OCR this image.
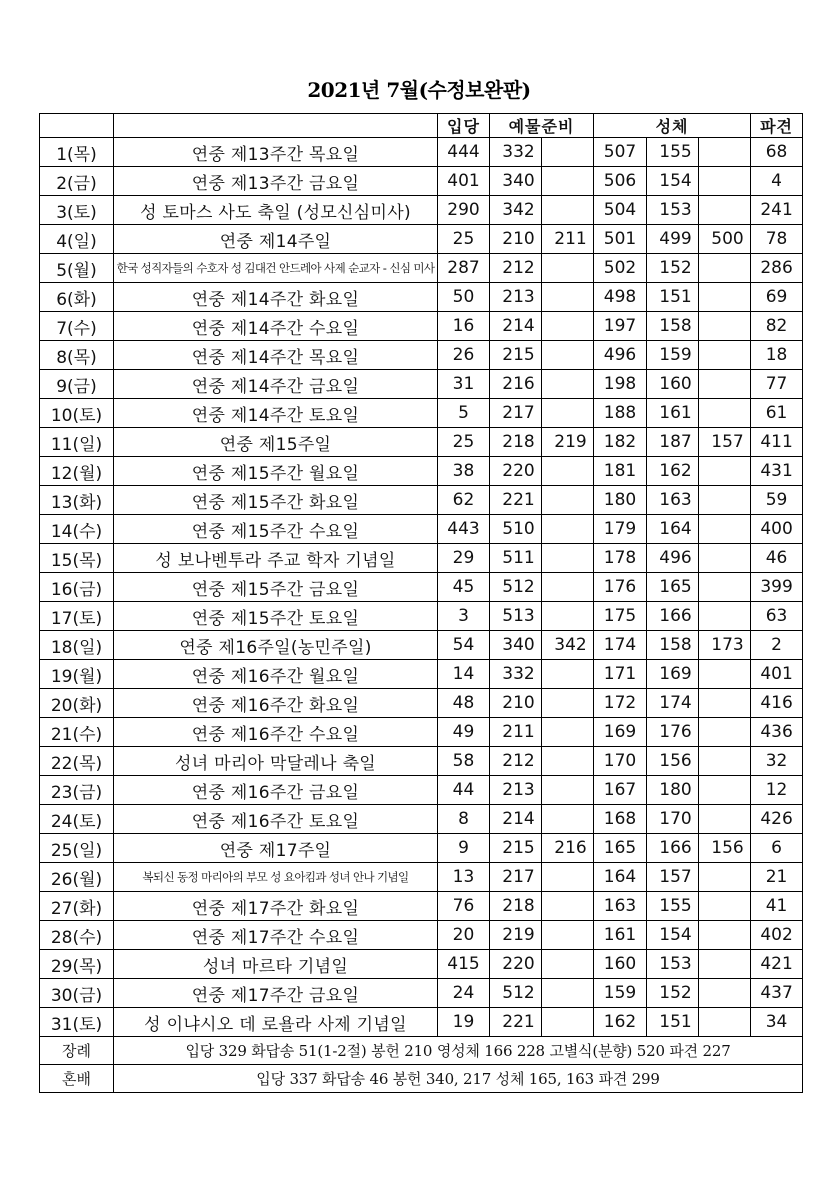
2021년 7월(수정보완판)
		입당	예물준비		성체			파견
1(목)	연중 제13주간 목요일	444	332		507	155		68
2(금)	연중 제13주간 금요일	401	340		506	154		4
3(토)	성 토마스 사도 축일 (성모신심미사)	290	342		504	153		241
4(일)	연중 제14주일	25	210	211	501	499	500	78
5(월)	한국 성직자들의 수호자 성 김대건 안드레아 사제 순교자 - 신심 미사	287	212		502	152		286
6(화)	연중 제14주간 화요일	50	213		498	151		69
7(수)	연중 제14주간 수요일	16	214		197	158		82
8(목)	연중 제14주간 목요일	26	215		496	159		18
9(금)	연중 제14주간 금요일	31	216		198	160		77
10(토)	연중 제14주간 토요일	5	217		188	161		61
11(일)	연중 제15주일	25	218	219	182	187	157	411
12(월)	연중 제15주간 월요일	38	220		181	162		431
13(화)	연중 제15주간 화요일	62	221		180	163		59
14(수)	연중 제15주간 수요일	443	510		179	164		400
15(목)	성 보나벤투라 주교 학자 기념일	29	511		178	496		46
16(금)	연중 제15주간 금요일	45	512		176	165		399
17(토)	연중 제15주간 토요일	3	513		175	166		63
18(일)	연중 제16주일(농민주일)	54	340	342	174	158	173	2
19(월)	연중 제16주간 월요일	14	332		171	169		401
20(화)	연중 제16주간 화요일	48	210		172	174		416
21(수)	연중 제16주간 수요일	49	211		169	176		436
22(목)	성녀 마리아 막달레나 축일	58	212		170	156		32
23(금)	연중 제16주간 금요일	44	213		167	180		12
24(토)	연중 제16주간 토요일	8	214		168	170		426
25(일)	연중 제17주일	9	215	216	165	166	156	6
26(월)	복되신 동정 마리아의 부모 성 요아킴과 성녀 안나 기념일	13	217		164	157		21
27(화)	연중 제17주간 화요일	76	218		163	155		41
28(수)	연중 제17주간 수요일	20	219		161	154		402
29(목)	성녀 마르타 기념일	415	220		160	153		421
30(금)	연중 제17주간 금요일	24	512		159	152		437
31(토)	성 이냐시오 데 로욜라 사제 기념일	19	221		162	151		34
장례	입당 329 화답송 51(1-2절) 봉헌 210 영성체 166 228 고별식(분향) 520 파견 227							
혼배	입당 337 화답송 46 봉헌 340, 217 성체 165, 163 파견 299							
